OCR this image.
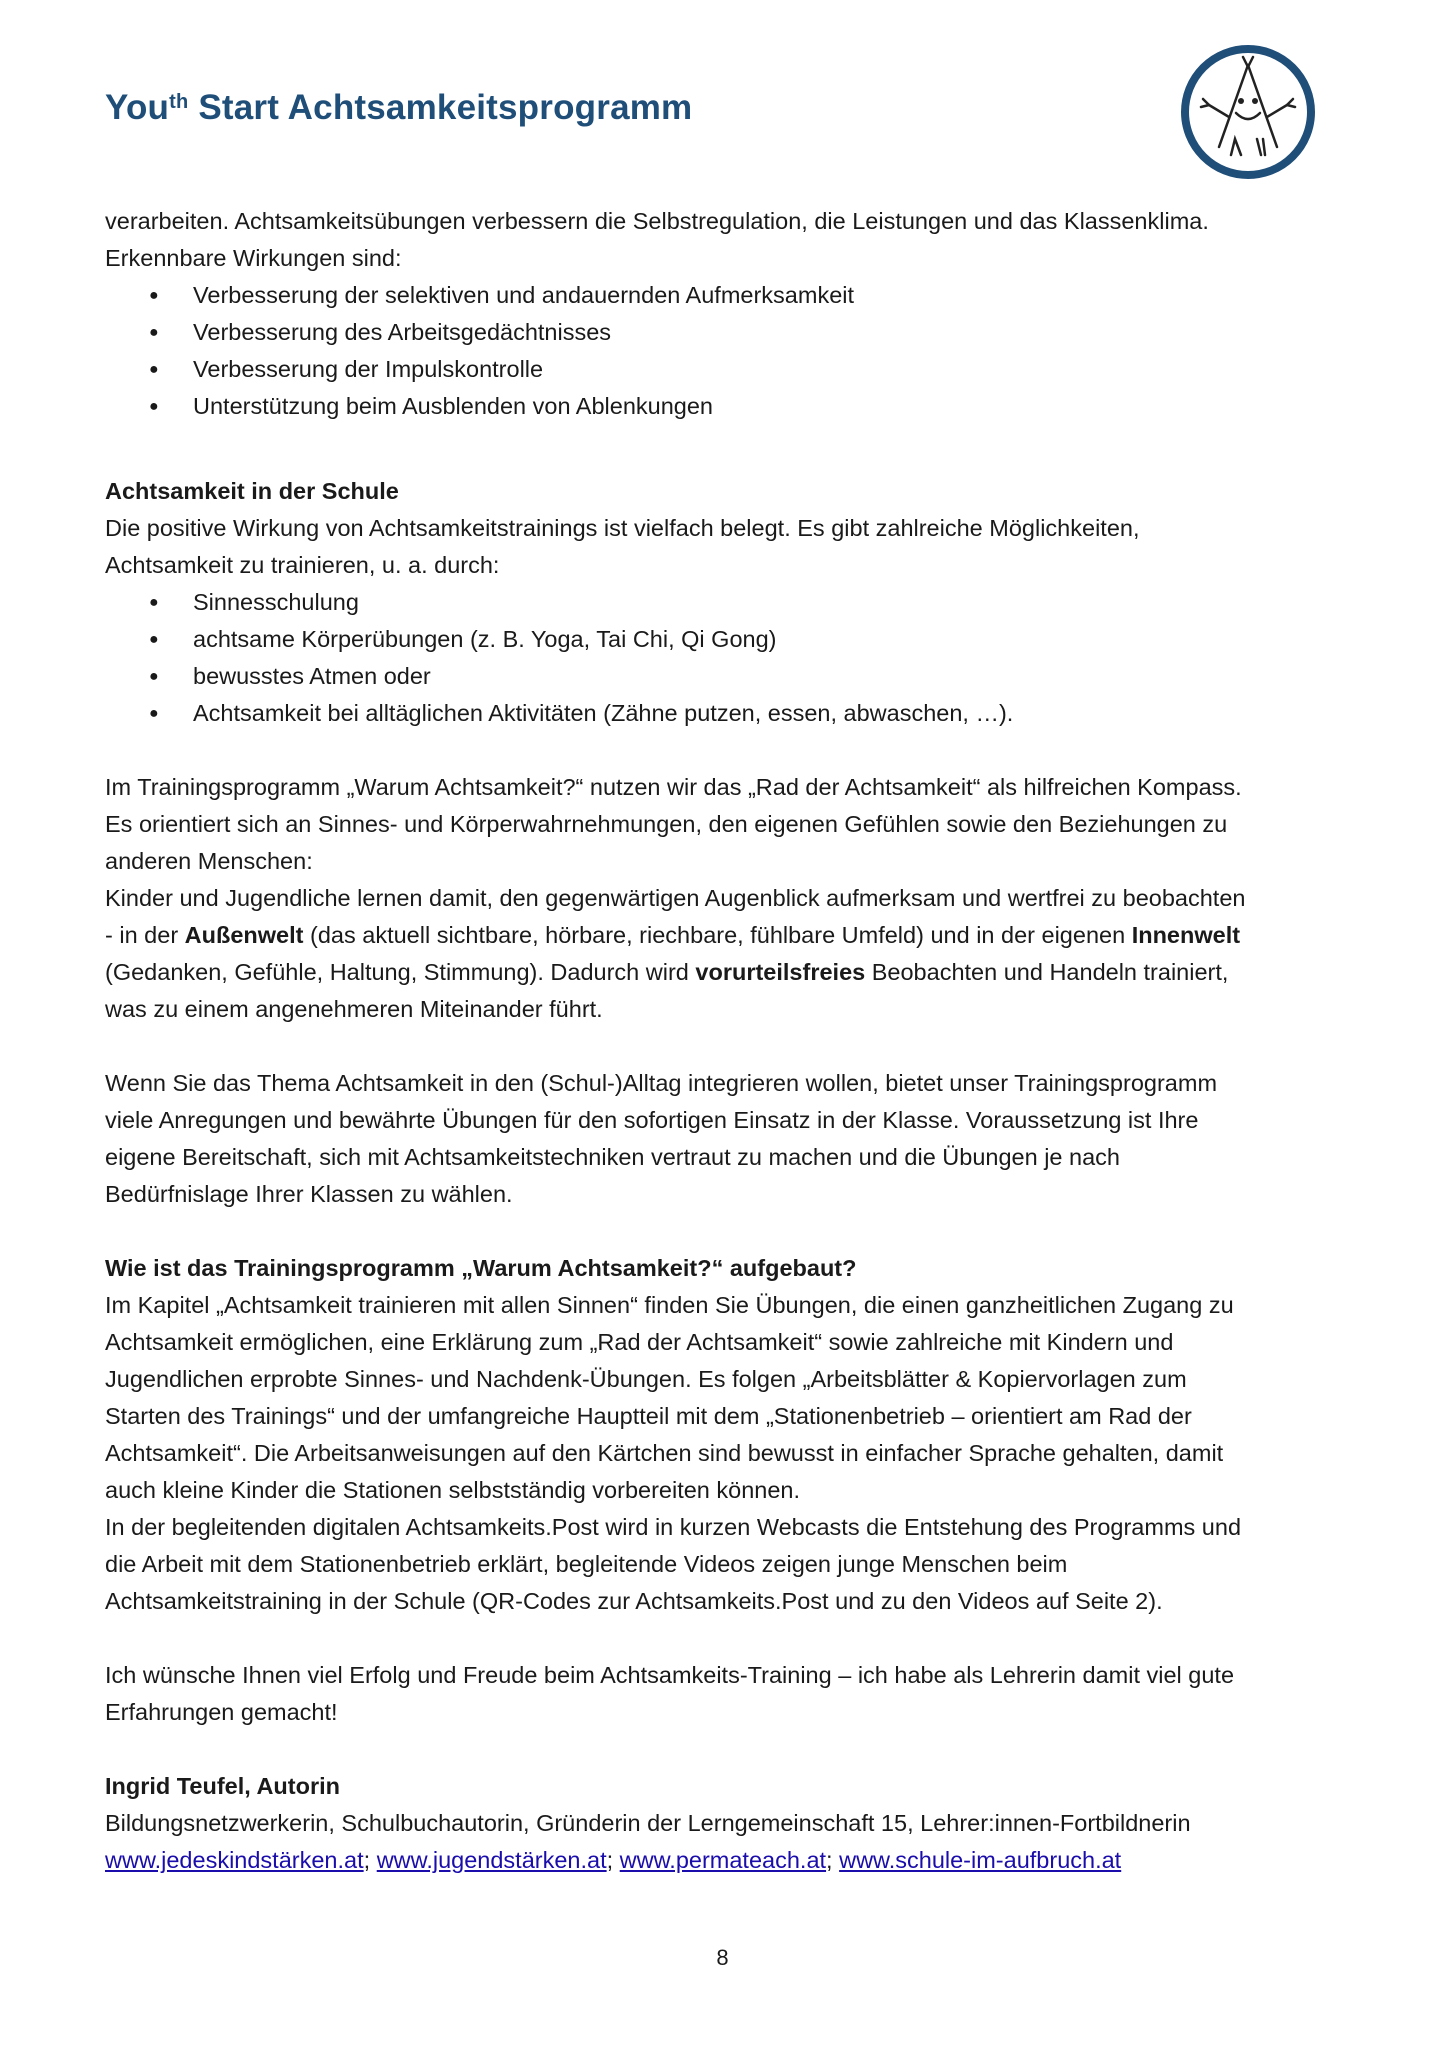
You$^{th}$ Start Achtsamkeitsprogramm

verarbeiten. Achtsamkeitsübungen verbessern die Selbstregulation, die Leistungen und das Klassenklima.

Erkennbare Wirkungen sind:

● Verbesserung der selektiven und andauernden Aufmerksamkeit
● Verbesserung des Arbeitsgedächtnisses
● Verbesserung der Impulskontrolle
● Unterstützung beim Ausblenden von Ablenkungen

Achtsamkeit in der Schule

Die positive Wirkung von Achtsamkeitstrainings ist vielfach belegt. Es gibt zahlreiche Möglichkeiten,

Achtsamkeit zu trainieren, u. a. durch:

● Sinnesschulung
● achtsame Körperübungen (z. B. Yoga, Tai Chi, Qi Gong)
● bewusstes Atmen oder
● Achtsamkeit bei alltäglichen Aktivitäten (Zähne putzen, essen, abwaschen, …).

Im Trainingsprogramm „Warum Achtsamkeit?“ nutzen wir das „Rad der Achtsamkeit“ als hilfreichen Kompass.

Es orientiert sich an Sinnes- und Körperwahrnehmungen, den eigenen Gefühlen sowie den Beziehungen zu

anderen Menschen:

Kinder und Jugendliche lernen damit, den gegenwärtigen Augenblick aufmerksam und wertfrei zu beobachten

- in der Außenwelt (das aktuell sichtbare, hörbare, riechbare, fühlbare Umfeld) und in der eigenen Innenwelt

(Gedanken, Gefühle, Haltung, Stimmung). Dadurch wird vorurteilsfreies Beobachten und Handeln trainiert,

was zu einem angenehmeren Miteinander führt.

Wenn Sie das Thema Achtsamkeit in den (Schul-)Alltag integrieren wollen, bietet unser Trainingsprogramm

viele Anregungen und bewährte Übungen für den sofortigen Einsatz in der Klasse. Voraussetzung ist Ihre

eigene Bereitschaft, sich mit Achtsamkeitstechniken vertraut zu machen und die Übungen je nach

Bedürfnislage Ihrer Klassen zu wählen.

Wie ist das Trainingsprogramm „Warum Achtsamkeit?“ aufgebaut?

Im Kapitel „Achtsamkeit trainieren mit allen Sinnen“ finden Sie Übungen, die einen ganzheitlichen Zugang zu

Achtsamkeit ermöglichen, eine Erklärung zum „Rad der Achtsamkeit“ sowie zahlreiche mit Kindern und

Jugendlichen erprobte Sinnes- und Nachdenk-Übungen. Es folgen „Arbeitsblätter & Kopiervorlagen zum

Starten des Trainings“ und der umfangreiche Hauptteil mit dem „Stationenbetrieb – orientiert am Rad der

Achtsamkeit“. Die Arbeitsanweisungen auf den Kärtchen sind bewusst in einfacher Sprache gehalten, damit

auch kleine Kinder die Stationen selbstständig vorbereiten können.

In der begleitenden digitalen Achtsamkeits.Post wird in kurzen Webcasts die Entstehung des Programms und

die Arbeit mit dem Stationenbetrieb erklärt, begleitende Videos zeigen junge Menschen beim

Achtsamkeitstraining in der Schule (QR-Codes zur Achtsamkeits.Post und zu den Videos auf Seite 2).

Ich wünsche Ihnen viel Erfolg und Freude beim Achtsamkeits-Training – ich habe als Lehrerin damit viel gute

Erfahrungen gemacht!

Ingrid Teufel, Autorin

Bildungsnetzwerkerin, Schulbuchautorin, Gründerin der Lerngemeinschaft 15, Lehrer:innen-Fortbildnerin

www.jedeskindstärken.at; www.jugendstärken.at; www.permateach.at; www.schule-im-aufbruch.at

8
